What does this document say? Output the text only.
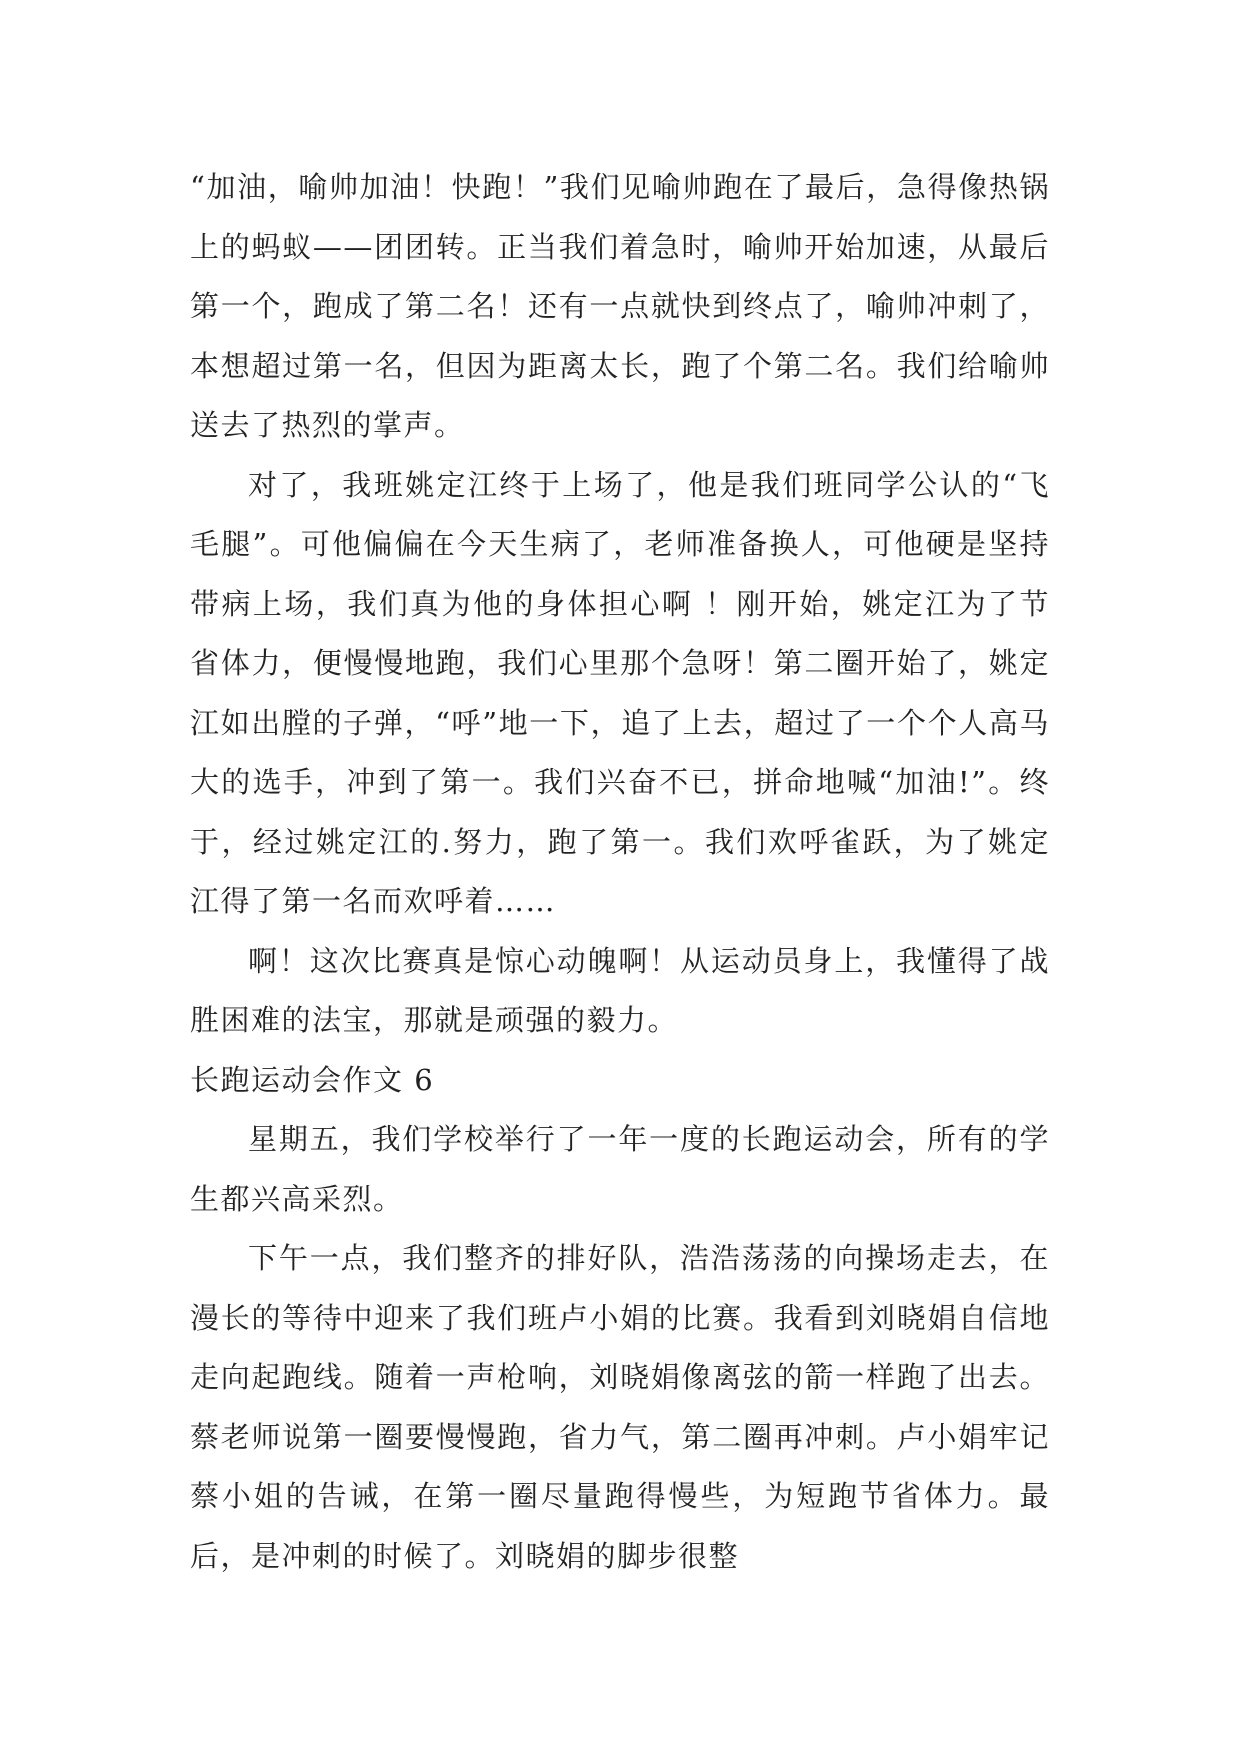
“加油，喻帅加油！快跑！”我们见喻帅跑在了最后，急得像热锅上的蚂蚁——团团转。正当我们着急时，喻帅开始加速，从最后第一个，跑成了第二名！还有一点就快到终点了，喻帅冲刺了，本想超过第一名，但因为距离太长，跑了个第二名。我们给喻帅送去了热烈的掌声。

对了，我班姚定江终于上场了，他是我们班同学公认的“飞毛腿”。可他偏偏在今天生病了，老师准备换人，可他硬是坚持带病上场，我们真为他的身体担心啊 ！刚开始，姚定江为了节省体力，便慢慢地跑，我们心里那个急呀！第二圈开始了，姚定江如出膛的子弹，“呼”地一下，追了上去，超过了一个个人高马大的选手，冲到了第一。我们兴奋不已，拼命地喊“加油!”。终于，经过姚定江的.努力，跑了第一。我们欢呼雀跃，为了姚定江得了第一名而欢呼着……

啊！这次比赛真是惊心动魄啊！从运动员身上，我懂得了战胜困难的法宝，那就是顽强的毅力。

长跑运动会作文 6

星期五，我们学校举行了一年一度的长跑运动会，所有的学生都兴高采烈。

下午一点，我们整齐的排好队，浩浩荡荡的向操场走去，在漫长的等待中迎来了我们班卢小娟的比赛。我看到刘晓娟自信地走向起跑线。随着一声枪响，刘晓娟像离弦的箭一样跑了出去。蔡老师说第一圈要慢慢跑，省力气，第二圈再冲刺。卢小娟牢记蔡小姐的告诫，在第一圈尽量跑得慢些，为短跑节省体力。最后，是冲刺的时候了。刘晓娟的脚步很整
